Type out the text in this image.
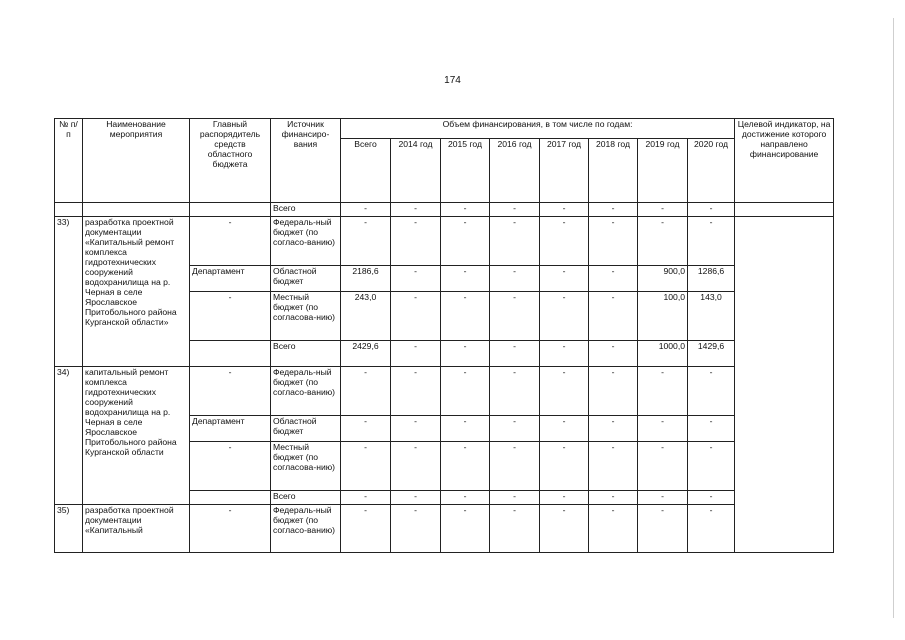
174
№ п/п	Наименование мероприятия	Главный распорядитель средств областного бюджета	Источник финансиро-вания	Объем финансирования, в том числе по годам:								Целевой индикатор, на достижение которого направлено финансирование
				Всего	2014 год	2015 год	2016 год	2017 год	2018 год	2019 год	2020 год	
			Всего	-	-	-	-	-	-	-	-	
33)	разработка проектной документации «Капитальный ремонт комплекса гидротехнических сооружений водохранилища на р. Черная в селе Ярославское Притобольного района Курганской области»	-	Федераль-ный бюджет (по согласо-ванию)	-	-	-	-	-	-	-	-	
		Департамент	Областной бюджет	2186,6	-	-	-	-	-	900,0	1286,6	
		-	Местный бюджет (по согласова-нию)	243,0	-	-	-	-	-	100,0	143,0	
			Всего	2429,6	-	-	-	-	-	1000,0	1429,6	
34)	капитальный ремонт комплекса гидротехнических сооружений водохранилища на р. Черная в селе Ярославское Притобольного района Курганской области	-	Федераль-ный бюджет (по согласо-ванию)	-	-	-	-	-	-	-	-	
		Департамент	Областной бюджет	-	-	-	-	-	-	-	-	
		-	Местный бюджет (по согласова-нию)	-	-	-	-	-	-	-	-	
			Всего	-	-	-	-	-	-	-	-	
35)	разработка проектной документации «Капитальный	-	Федераль-ный бюджет (по согласо-ванию)	-	-	-	-	-	-	-	-	
